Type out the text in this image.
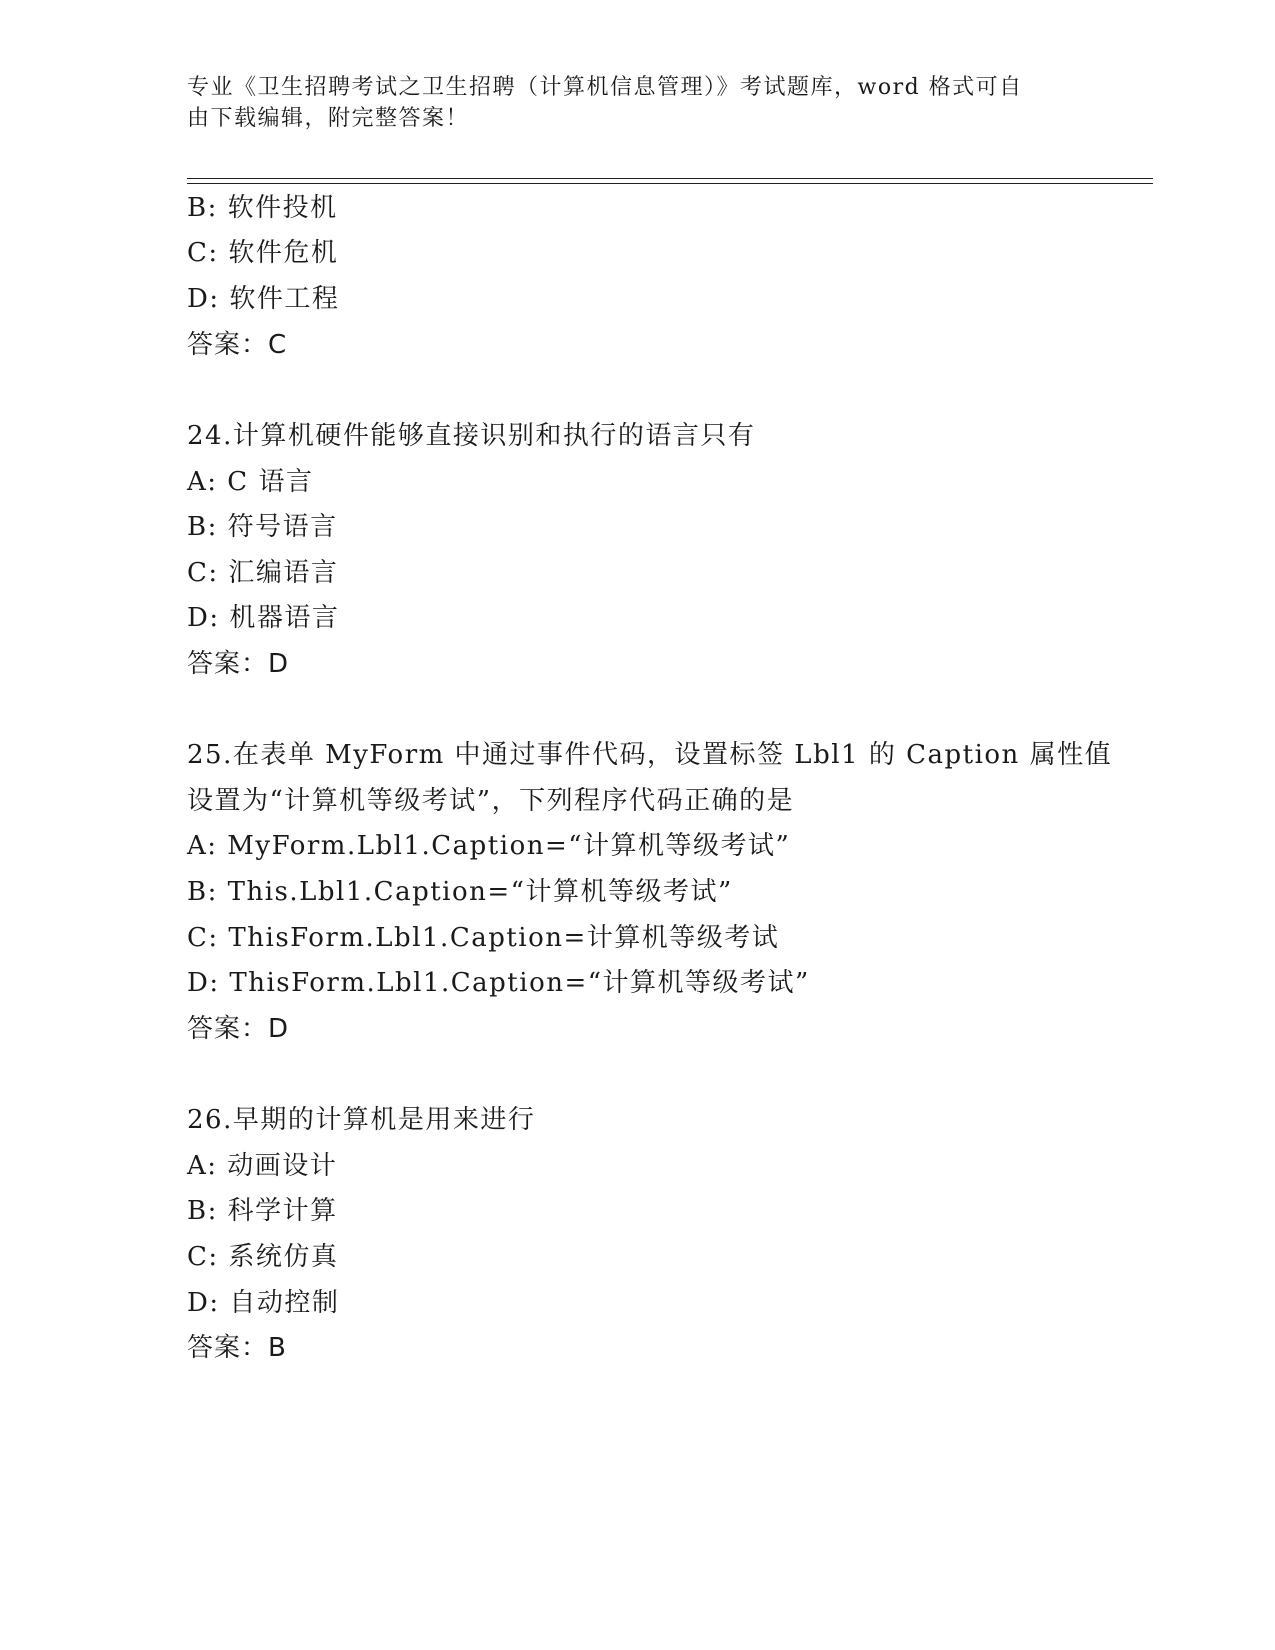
专业《卫生招聘考试之卫生招聘（计算机信息管理）》考试题库，word 格式可自
由下载编辑，附完整答案！
B: 软件投机
C: 软件危机
D: 软件工程
答案：C
24.计算机硬件能够直接识别和执行的语言只有
A: C 语言
B: 符号语言
C: 汇编语言
D: 机器语言
答案：D
25.在表单 MyForm 中通过事件代码，设置标签 Lbl1 的 Caption 属性值
设置为“计算机等级考试”，下列程序代码正确的是
A: MyForm.Lbl1.Caption=“计算机等级考试”
B: This.Lbl1.Caption=“计算机等级考试”
C: ThisForm.Lbl1.Caption=计算机等级考试
D: ThisForm.Lbl1.Caption=“计算机等级考试”
答案：D
26.早期的计算机是用来进行
A: 动画设计
B: 科学计算
C: 系统仿真
D: 自动控制
答案：B
